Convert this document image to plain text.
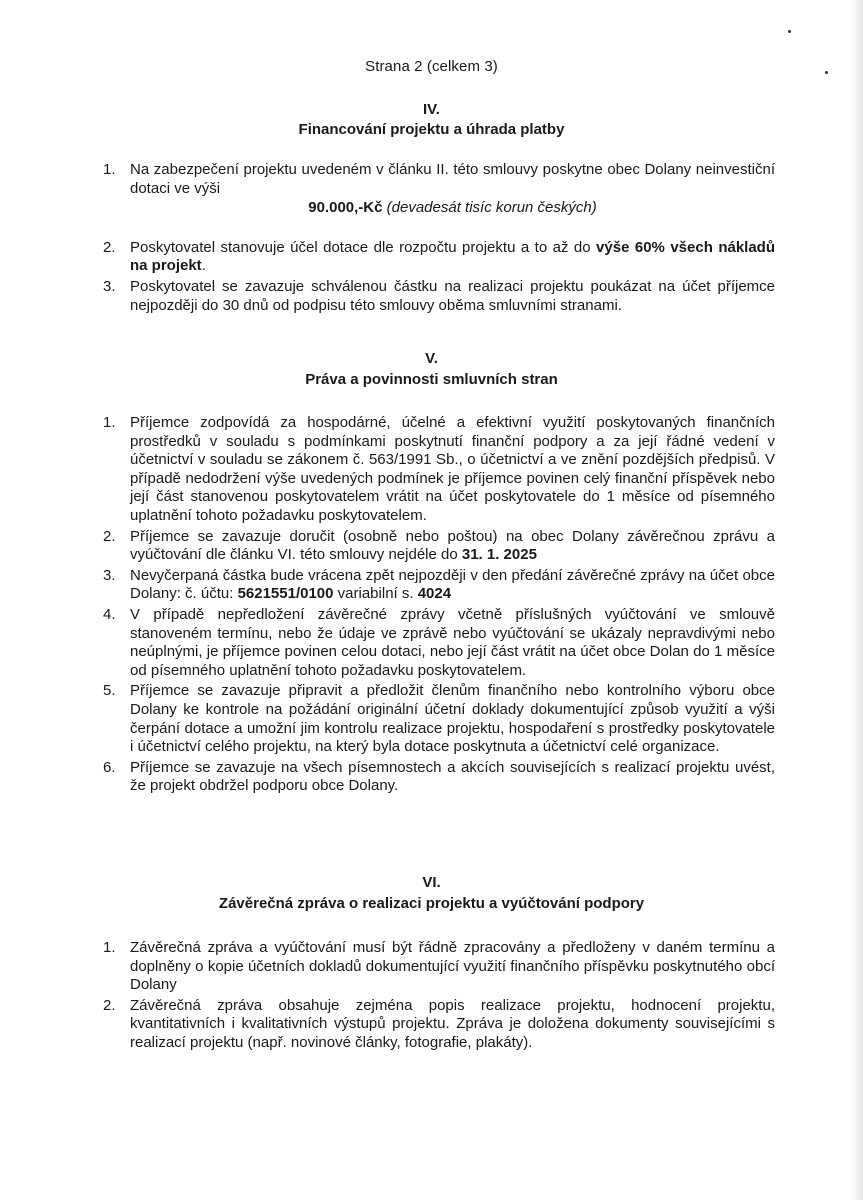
Strana 2 (celkem 3)
IV.
Financování projektu a úhrada platby
1. Na zabezpečení projektu uvedeném v článku II. této smlouvy poskytne obec Dolany neinvestiční dotaci ve výši
90.000,-Kč (devadesát tisíc korun českých)
2. Poskytovatel stanovuje účel dotace dle rozpočtu projektu a to až do výše 60% všech nákladů na projekt.
3. Poskytovatel se zavazuje schválenou částku na realizaci projektu poukázat na účet příjemce nejpozději do 30 dnů od podpisu této smlouvy oběma smluvními stranami.
V.
Práva a povinnosti smluvních stran
1. Příjemce zodpovídá za hospodárné, účelné a efektivní využití poskytovaných finančních prostředků v souladu s podmínkami poskytnutí finanční podpory a za její řádné vedení v účetnictví v souladu se zákonem č. 563/1991 Sb., o účetnictví a ve znění pozdějších předpisů. V případě nedodržení výše uvedených podmínek je příjemce povinen celý finanční příspěvek nebo její část stanovenou poskytovatelem vrátit na účet poskytovatele do 1 měsíce od písemného uplatnění tohoto požadavku poskytovatelem.
2. Příjemce se zavazuje doručit (osobně nebo poštou) na obec Dolany závěrečnou zprávu a vyúčtování dle článku VI. této smlouvy nejdéle do 31. 1. 2025
3. Nevyčerpaná částka bude vrácena zpět nejpozději v den předání závěrečné zprávy na účet obce Dolany: č. účtu: 5621551/0100 variabilní s. 4024
4. V případě nepředložení závěrečné zprávy včetně příslušných vyúčtování ve smlouvě stanoveném termínu, nebo že údaje ve zprávě nebo vyúčtování se ukázaly nepravdivými nebo neúplnými, je příjemce povinen celou dotaci, nebo její část vrátit na účet obce Dolan do 1 měsíce od písemného uplatnění tohoto požadavku poskytovatelem.
5. Příjemce se zavazuje připravit a předložit členům finančního nebo kontrolního výboru obce Dolany ke kontrole na požádání originální účetní doklady dokumentující způsob využití a výši čerpání dotace a umožní jim kontrolu realizace projektu, hospodaření s prostředky poskytovatele i účetnictví celého projektu, na který byla dotace poskytnuta a účetnictví celé organizace.
6. Příjemce se zavazuje na všech písemnostech a akcích souvisejících s realizací projektu uvést, že projekt obdržel podporu obce Dolany.
VI.
Závěrečná zpráva o realizaci projektu a vyúčtování podpory
1. Závěrečná zpráva a vyúčtování musí být řádně zpracovány a předloženy v daném termínu a doplněny o kopie účetních dokladů dokumentující využití finančního příspěvku poskytnutého obcí Dolany
2. Závěrečná zpráva obsahuje zejména popis realizace projektu, hodnocení projektu, kvantitativních i kvalitativních výstupů projektu. Zpráva je doložena dokumenty souvisejícími s realizací projektu (např. novinové články, fotografie, plakáty).
